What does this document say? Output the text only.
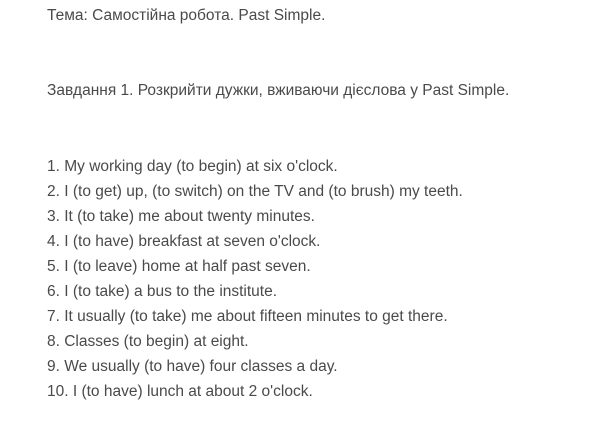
Тема: Самостійна робота. Past Simple.
Завдання 1. Розкрийти дужки, вживаючи дієслова у Past Simple.
1. My working day (to begin) at six o'clock.
2. I (to get) up, (to switch) on the TV and (to brush) my teeth.
3. It (to take) me about twenty minutes.
4. I (to have) breakfast at seven o'clock.
5. I (to leave) home at half past seven.
6. I (to take) a bus to the institute.
7. It usually (to take) me about fifteen minutes to get there.
8. Classes (to begin) at eight.
9. We usually (to have) four classes a day.
10. I (to have) lunch at about 2 o'clock.
